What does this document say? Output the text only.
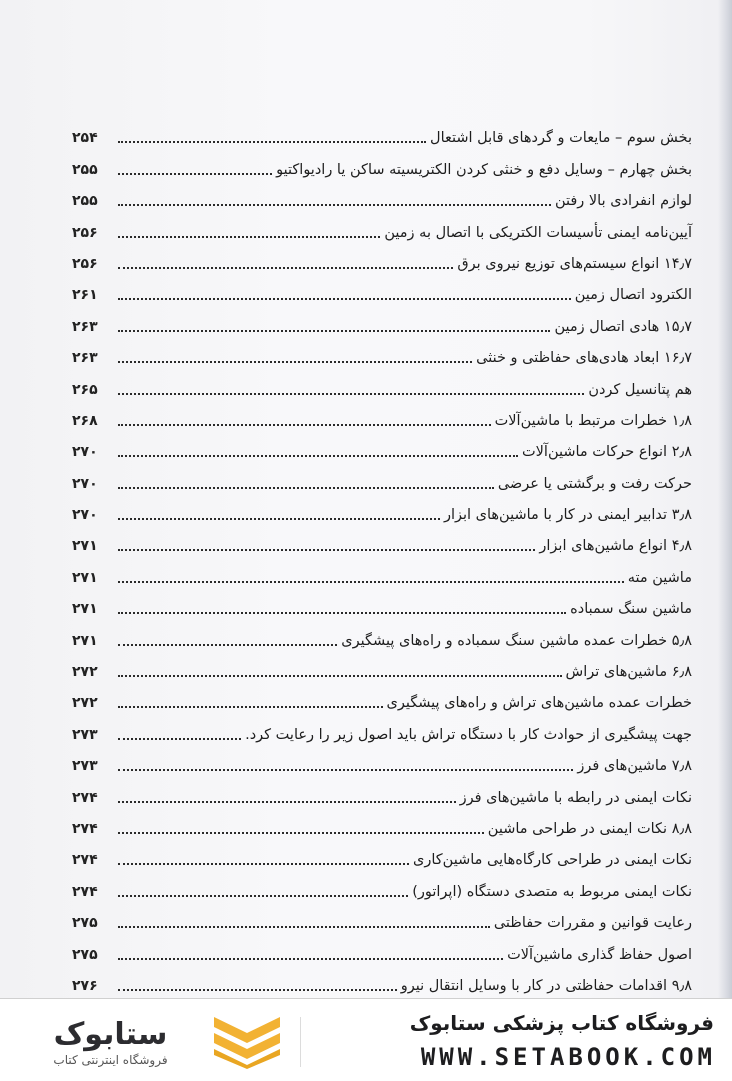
بخش سوم – مایعات و گردهای قابل اشتعال
۲۵۴
بخش چهارم – وسایل دفع و خنثی کردن الکتریسیته ساکن یا رادیواکتیو
۲۵۵
لوازم انفرادی بالا رفتن
۲۵۵
آیین‌نامه ایمنی تأسیسات الکتریکی با اتصال به زمین
۲۵۶
۱۴٫۷ انواع سیستم‌های توزیع نیروی برق
۲۵۶
الکترود اتصال زمین
۲۶۱
۱۵٫۷ هادی اتصال زمین
۲۶۳
۱۶٫۷ ابعاد هادی‌های حفاظتی و خنثی
۲۶۳
هم پتانسیل کردن
۲۶۵
۱٫۸ خطرات مرتبط با ماشین‌آلات
۲۶۸
۲٫۸ انواع حرکات ماشین‌آلات
۲۷۰
حرکت رفت و برگشتی یا عرضی
۲۷۰
۳٫۸ تدابیر ایمنی در کار با ماشین‌های ابزار
۲۷۰
۴٫۸ انواع ماشین‌های ابزار
۲۷۱
ماشین مته
۲۷۱
ماشین سنگ سمباده
۲۷۱
۵٫۸ خطرات عمده ماشین سنگ سمباده و راه‌های پیشگیری
۲۷۱
۶٫۸ ماشین‌های تراش
۲۷۲
خطرات عمده ماشین‌های تراش و راه‌های پیشگیری
۲۷۲
جهت پیشگیری از حوادث کار با دستگاه تراش باید اصول زیر را رعایت کرد.
۲۷۳
۷٫۸ ماشین‌های فرز
۲۷۳
نکات ایمنی در رابطه با ماشین‌های فرز
۲۷۴
۸٫۸ نکات ایمنی در طراحی ماشین
۲۷۴
نکات ایمنی در طراحی کارگاه‌هایی ماشین‌کاری
۲۷۴
نکات ایمنی مربوط به متصدی دستگاه (اپراتور)
۲۷۴
رعایت قوانین و مقررات حفاظتی
۲۷۵
اصول حفاظ گذاری ماشین‌آلات
۲۷۵
۹٫۸ اقدامات حفاظتی در کار با وسایل انتقال نیرو
۲۷۶
ستابوک
فروشگاه اینترنتی کتاب
فروشگاه کتاب پزشکی ستابوک
WWW.SETABOOK.COM
